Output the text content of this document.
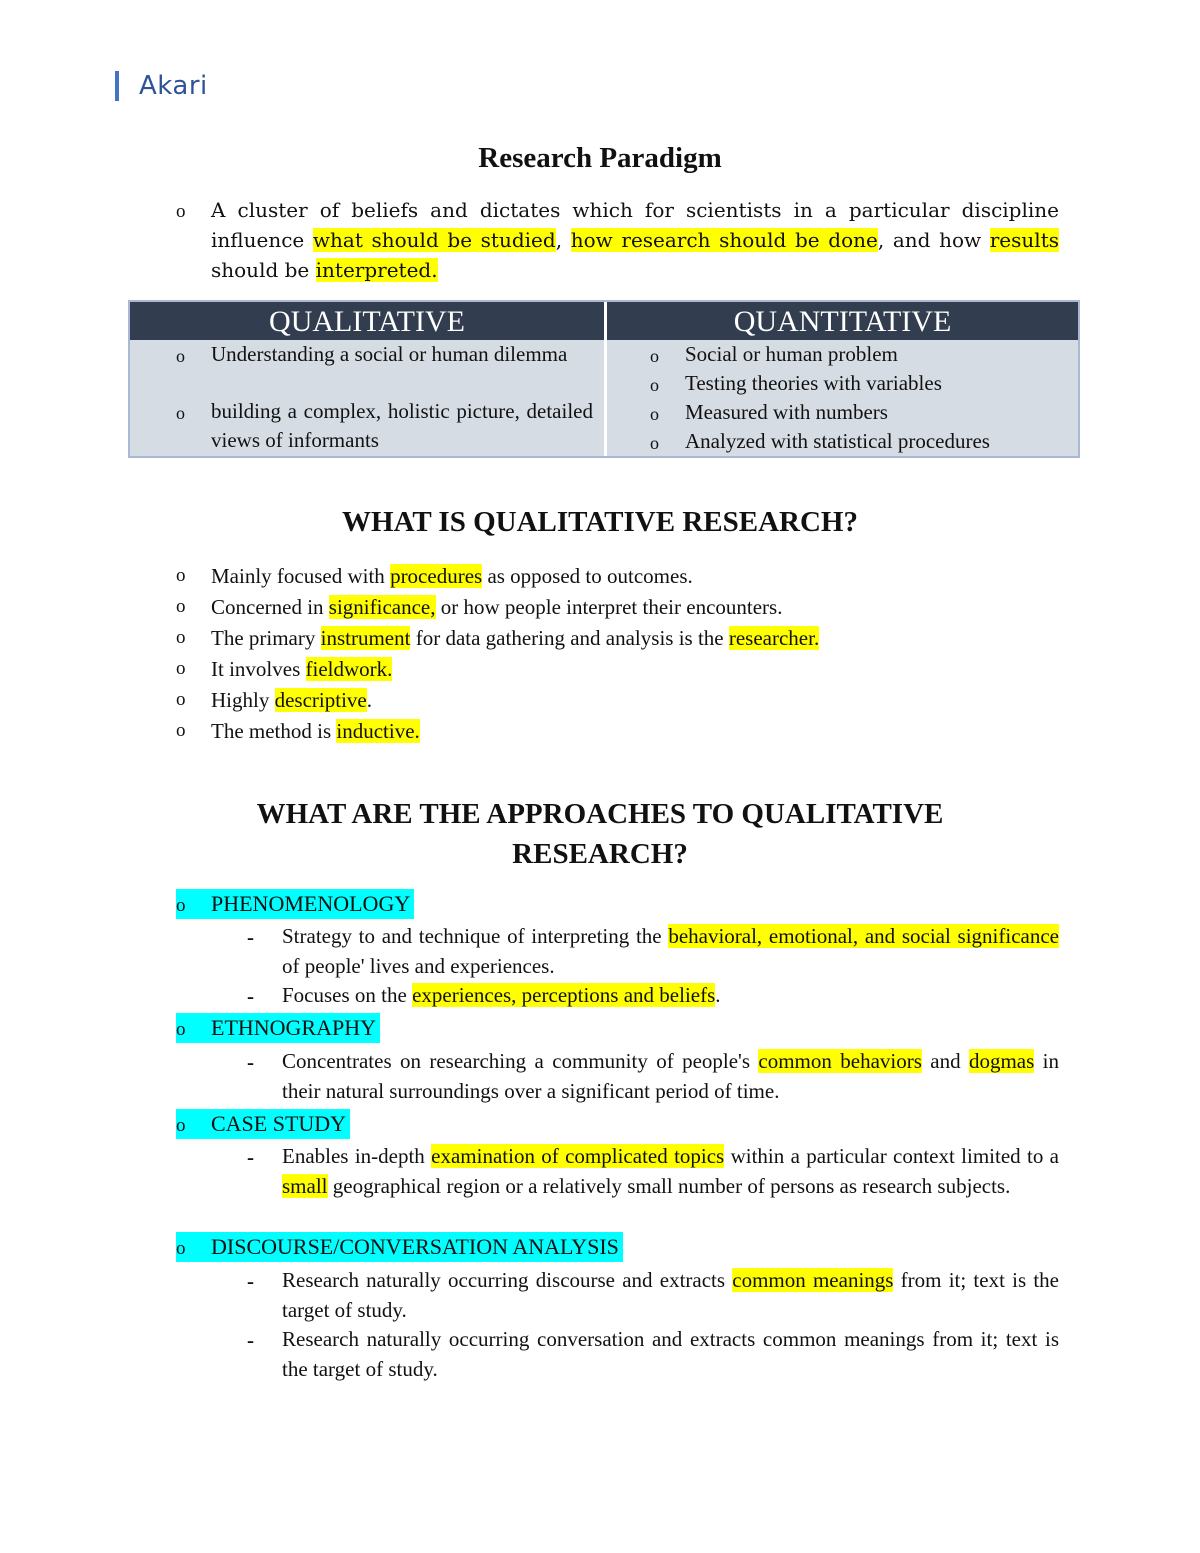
Akari
Research Paradigm
o A cluster of beliefs and dictates which for scientists in a particular discipline influence what should be studied, how research should be done, and how results should be interpreted.
QUALITATIVE	QUANTITATIVE
o Understanding a social or human dilemma
o building a complex, holistic picture, detailed views of informants
o Social or human problem
o Testing theories with variables
o Measured with numbers
o Analyzed with statistical procedures
WHAT IS QUALITATIVE RESEARCH?
o Mainly focused with procedures as opposed to outcomes.
o Concerned in significance, or how people interpret their encounters.
o The primary instrument for data gathering and analysis is the researcher.
o It involves fieldwork.
o Highly descriptive.
o The method is inductive.
WHAT ARE THE APPROACHES TO QUALITATIVE
RESEARCH?
o PHENOMENOLOGY
- Strategy to and technique of interpreting the behavioral, emotional, and social significance of people' lives and experiences.
- Focuses on the experiences, perceptions and beliefs.
o ETHNOGRAPHY
- Concentrates on researching a community of people's common behaviors and dogmas in their natural surroundings over a significant period of time.
o CASE STUDY
- Enables in-depth examination of complicated topics within a particular context limited to a small geographical region or a relatively small number of persons as research subjects.
o DISCOURSE/CONVERSATION ANALYSIS
- Research naturally occurring discourse and extracts common meanings from it; text is the target of study.
- Research naturally occurring conversation and extracts common meanings from it; text is the target of study.
